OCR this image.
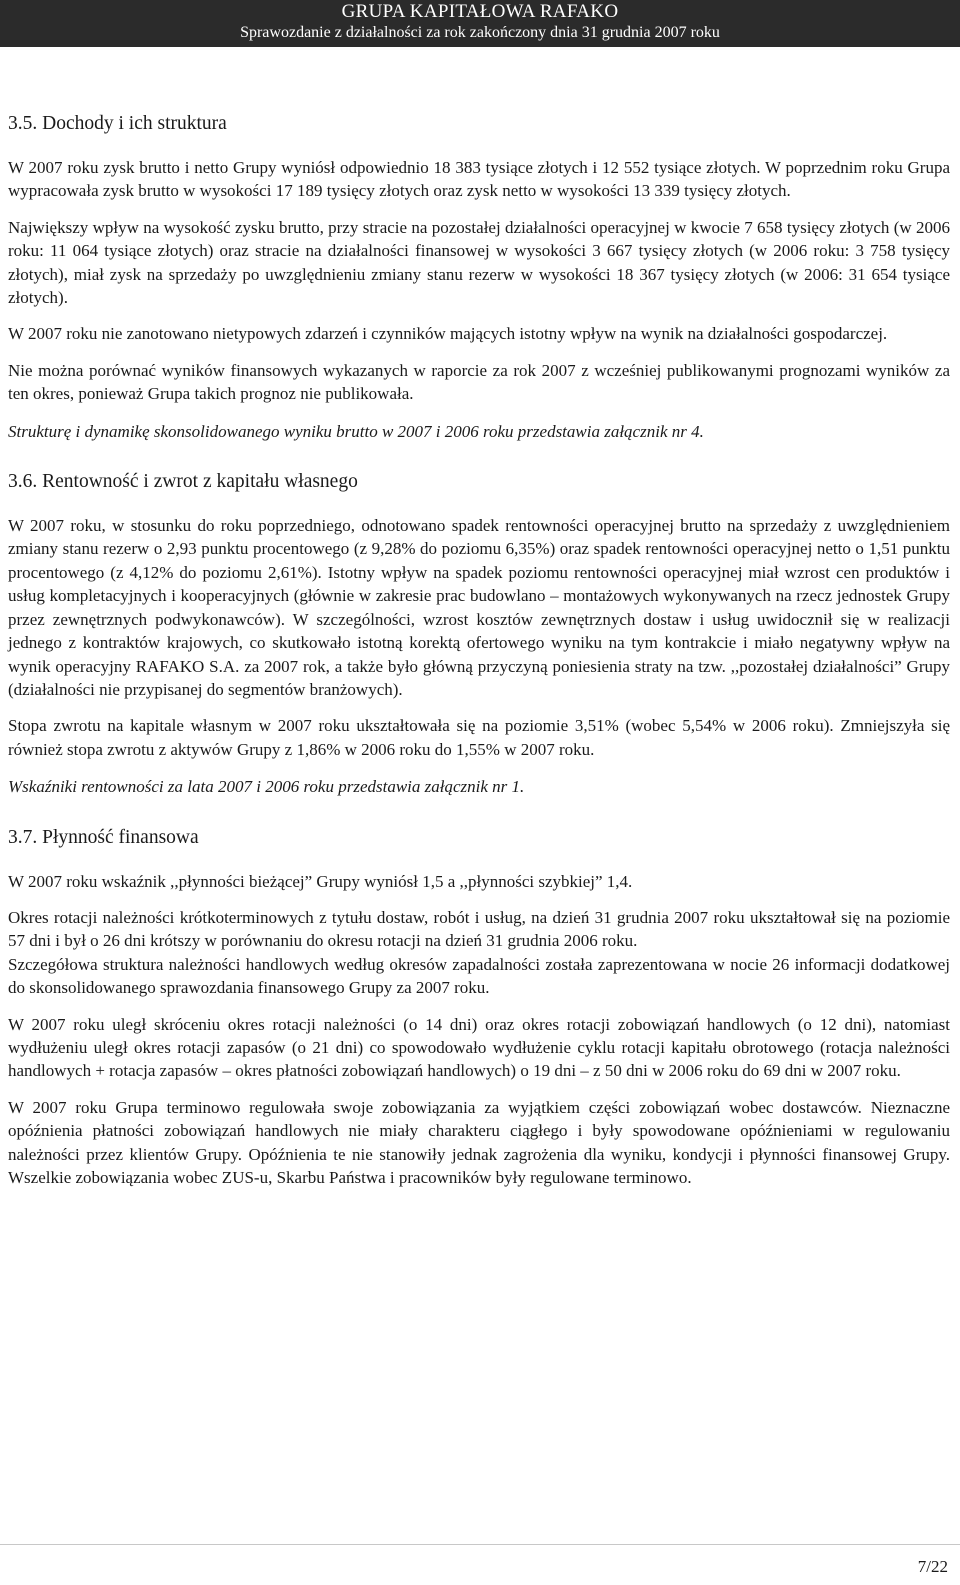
GRUPA KAPITAŁOWA RAFAKO
Sprawozdanie z działalności za rok zakończony dnia 31 grudnia 2007 roku
3.5. Dochody i ich struktura

W 2007 roku zysk brutto i netto Grupy wyniósł odpowiednio 18 383 tysiące złotych i 12 552 tysiące złotych. W poprzednim roku Grupa wypracowała zysk brutto w wysokości 17 189 tysięcy złotych oraz zysk netto w wysokości 13 339 tysięcy złotych.

Największy wpływ na wysokość zysku brutto, przy stracie na pozostałej działalności operacyjnej w kwocie 7 658 tysięcy złotych (w 2006 roku: 11 064 tysiące złotych) oraz stracie na działalności finansowej w wysokości 3 667 tysięcy złotych (w 2006 roku: 3 758 tysięcy złotych), miał zysk na sprzedaży po uwzględnieniu zmiany stanu rezerw w wysokości 18 367 tysięcy złotych (w 2006: 31 654 tysiące złotych).

W 2007 roku nie zanotowano nietypowych zdarzeń i czynników mających istotny wpływ na wynik na działalności gospodarczej.

Nie można porównać wyników finansowych wykazanych w raporcie za rok 2007 z wcześniej publikowanymi prognozami wyników za ten okres, ponieważ Grupa takich prognoz nie publikowała.

Strukturę i dynamikę skonsolidowanego wyniku brutto w 2007 i 2006 roku przedstawia załącznik nr 4.

3.6. Rentowność i zwrot z kapitału własnego

W 2007 roku, w stosunku do roku poprzedniego, odnotowano spadek rentowności operacyjnej brutto na sprzedaży z uwzględnieniem zmiany stanu rezerw o 2,93 punktu procentowego (z 9,28% do poziomu 6,35%) oraz spadek rentowności operacyjnej netto o 1,51 punktu procentowego (z 4,12% do poziomu 2,61%). Istotny wpływ na spadek poziomu rentowności operacyjnej miał wzrost cen produktów i usług kompletacyjnych i kooperacyjnych (głównie w zakresie prac budowlano – montażowych wykonywanych na rzecz jednostek Grupy przez zewnętrznych podwykonawców). W szczególności, wzrost kosztów zewnętrznych dostaw i usług uwidocznił się w realizacji jednego z kontraktów krajowych, co skutkowało istotną korektą ofertowego wyniku na tym kontrakcie i miało negatywny wpływ na wynik operacyjny RAFAKO S.A. za 2007 rok, a także było główną przyczyną poniesienia straty na tzw. ,,pozostałej działalności” Grupy (działalności nie przypisanej do segmentów branżowych).

Stopa zwrotu na kapitale własnym w 2007 roku ukształtowała się na poziomie 3,51% (wobec 5,54% w 2006 roku). Zmniejszyła się również stopa zwrotu z aktywów Grupy z 1,86% w 2006 roku do 1,55% w 2007 roku.

Wskaźniki rentowności za lata 2007 i 2006 roku przedstawia załącznik nr 1.

3.7. Płynność finansowa

W 2007 roku wskaźnik ,,płynności bieżącej” Grupy wyniósł 1,5 a ,,płynności szybkiej” 1,4.

Okres rotacji należności krótkoterminowych z tytułu dostaw, robót i usług, na dzień 31 grudnia 2007 roku ukształtował się na poziomie 57 dni i był o 26 dni krótszy w porównaniu do okresu rotacji na dzień 31 grudnia 2006 roku.

Szczegółowa struktura należności handlowych według okresów zapadalności została zaprezentowana w nocie 26 informacji dodatkowej do skonsolidowanego sprawozdania finansowego Grupy za 2007 roku.

W 2007 roku uległ skróceniu okres rotacji należności (o 14 dni) oraz okres rotacji zobowiązań handlowych (o 12 dni), natomiast wydłużeniu uległ okres rotacji zapasów (o 21 dni) co spowodowało wydłużenie cyklu rotacji kapitału obrotowego (rotacja należności handlowych + rotacja zapasów – okres płatności zobowiązań handlowych) o 19 dni – z 50 dni w 2006 roku do 69 dni w 2007 roku.

W 2007 roku Grupa terminowo regulowała swoje zobowiązania za wyjątkiem części zobowiązań wobec dostawców. Nieznaczne opóźnienia płatności zobowiązań handlowych nie miały charakteru ciągłego i były spowodowane opóźnieniami w regulowaniu należności przez klientów Grupy. Opóźnienia te nie stanowiły jednak zagrożenia dla wyniku, kondycji i płynności finansowej Grupy. Wszelkie zobowiązania wobec ZUS-u, Skarbu Państwa i pracowników były regulowane terminowo.

7/22
